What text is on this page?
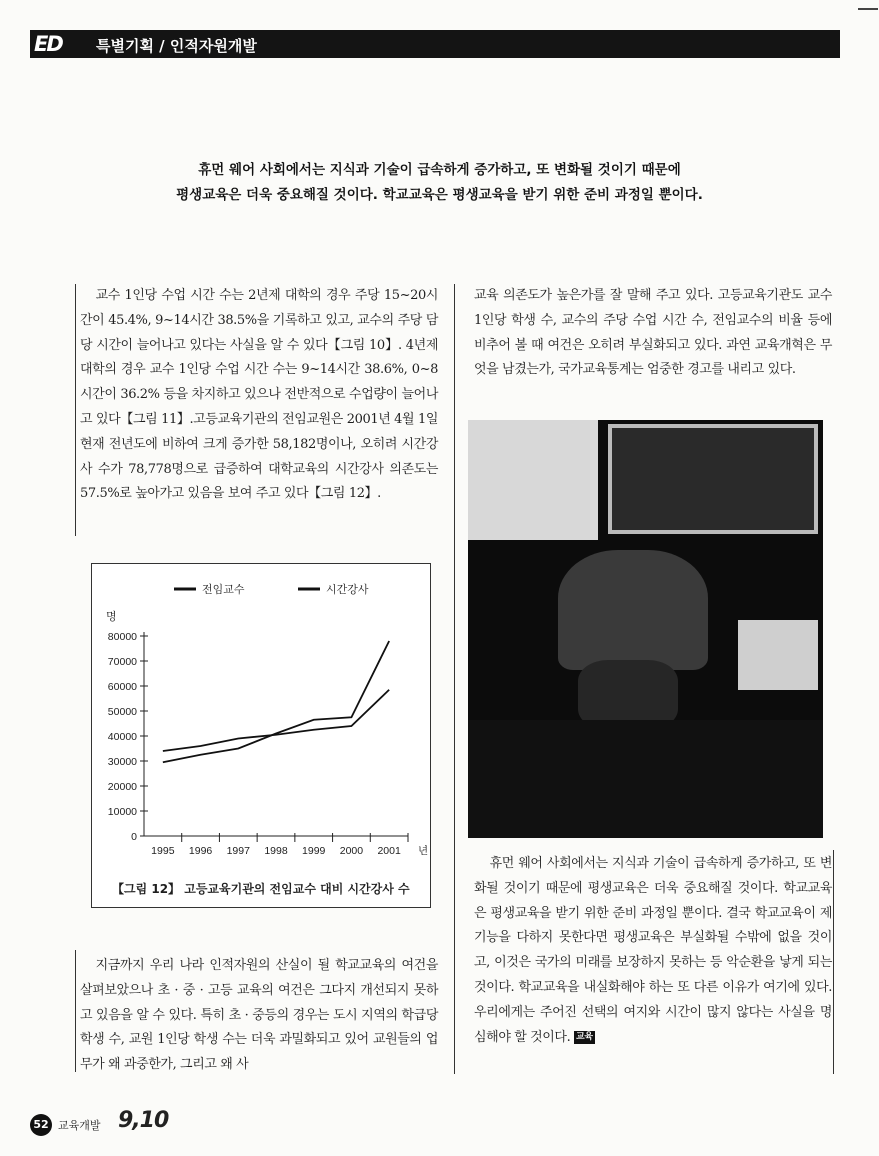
ED 특별기획 / 인적자원개발
휴먼 웨어 사회에서는 지식과 기술이 급속하게 증가하고, 또 변화될 것이기 때문에
평생교육은 더욱 중요해질 것이다. 학교교육은 평생교육을 받기 위한 준비 과정일 뿐이다.

교수 1인당 수업 시간 수는 2년제 대학의 경우 주당 15~20시간이 45.4%, 9~14시간 38.5%을 기록하고 있고, 교수의 주당 담당 시간이 늘어나고 있다는 사실을 알 수 있다【그림 10】. 4년제 대학의 경우 교수 1인당 수업 시간 수는 9~14시간 38.6%, 0~8 시간이 36.2% 등을 차지하고 있으나 전반적으로 수업량이 늘어나고 있다【그림 11】.고등교육기관의 전임교원은 2001년 4월 1일 현재 전년도에 비하여 크게 증가한 58,182명이나, 오히려 시간강사 수가 78,778명으로 급증하여 대학교육의 시간강사 의존도는 57.5%로 높아가고 있음을 보여 주고 있다【그림 12】.

명
0
10000
20000
30000
40000
50000
60000
70000
80000
1995 1996 1997 1998 1999 2000 2001 년
전임교수	시간강사
【그림 12】 고등교육기관의 전임교수 대비 시간강사 수

지금까지 우리 나라 인적자원의 산실이 될 학교교육의 여건을 살펴보았으나 초 · 중 · 고등 교육의 여건은 그다지 개선되지 못하고 있음을 알 수 있다. 특히 초 · 중등의 경우는 도시 지역의 학급당 학생 수, 교원 1인당 학생 수는 더욱 과밀화되고 있어 교원들의 업무가 왜 과중한가, 그리고 왜 사

교육 의존도가 높은가를 잘 말해 주고 있다. 고등교육기관도 교수 1인당 학생 수, 교수의 주당 수업 시간 수, 전임교수의 비율 등에 비추어 볼 때 여건은 오히려 부실화되고 있다. 과연 교육개혁은 무엇을 남겼는가, 국가교육통계는 엄중한 경고를 내리고 있다.

휴먼 웨어 사회에서는 지식과 기술이 급속하게 증가하고, 또 변화될 것이기 때문에 평생교육은 더욱 중요해질 것이다. 학교교육은 평생교육을 받기 위한 준비 과정일 뿐이다. 결국 학교교육이 제 기능을 다하지 못한다면 평생교육은 부실화될 수밖에 없을 것이고, 이것은 국가의 미래를 보장하지 못하는 등 악순환을 낳게 되는 것이다. 학교교육을 내실화해야 하는 또 다른 이유가 여기에 있다. 우리에게는 주어진 선택의 여지와 시간이 많지 않다는 사실을 명심해야 할 것이다. 교육

52 교육개발 9,10
